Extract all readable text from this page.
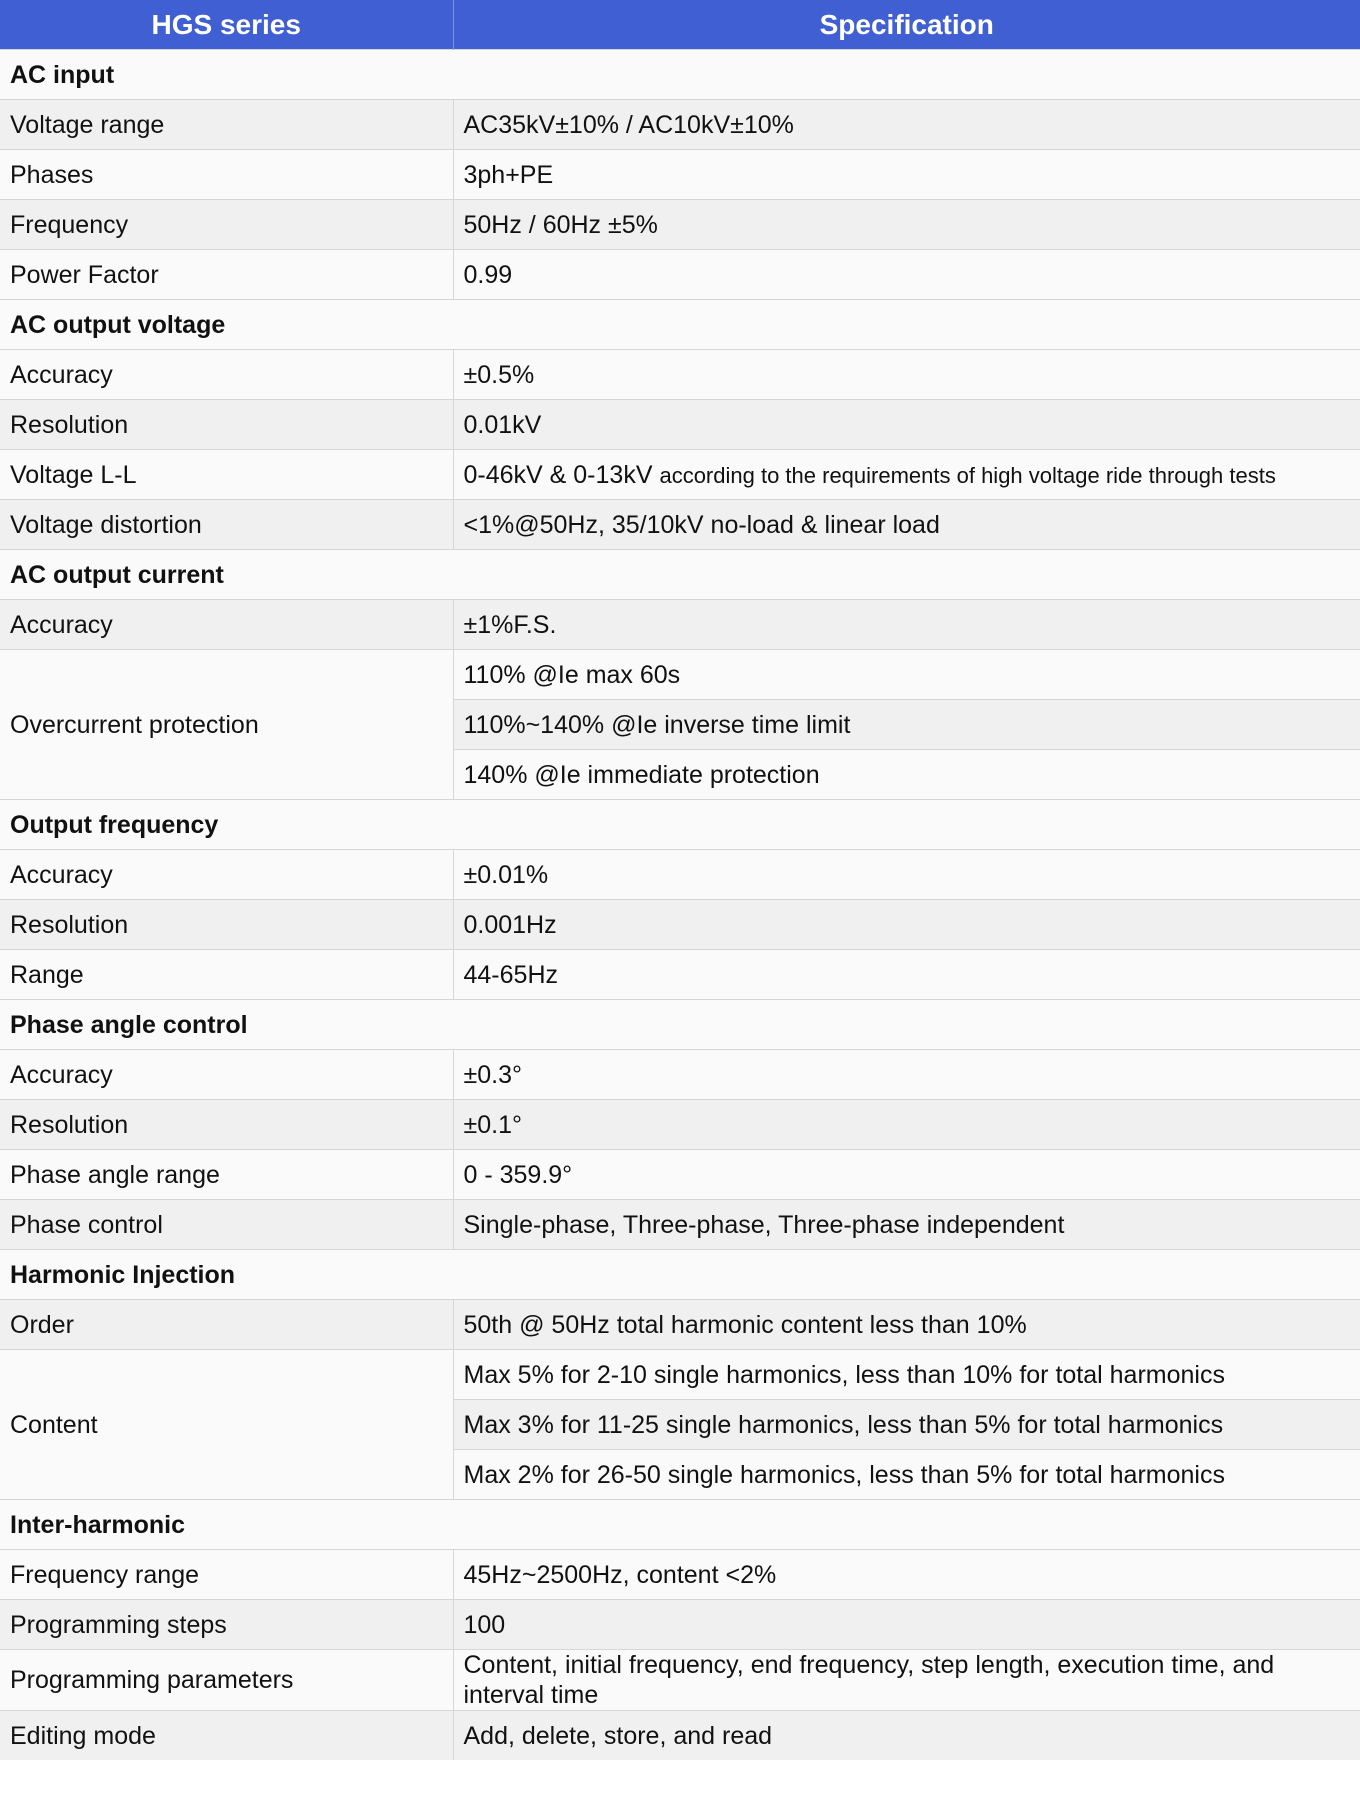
HGS series	Specification
AC input	
Voltage range	AC35kV±10% / AC10kV±10%
Phases	3ph+PE
Frequency	50Hz / 60Hz ±5%
Power Factor	0.99
AC output voltage	
Accuracy	±0.5%
Resolution	0.01kV
Voltage L-L	0-46kV & 0-13kV according to the requirements of high voltage ride through tests
Voltage distortion	<1%@50Hz, 35/10kV no-load & linear load
AC output current	
Accuracy	±1%F.S.
Overcurrent protection	110% @Ie max 60s
	110%~140% @Ie inverse time limit
	140% @Ie immediate protection
Output frequency	
Accuracy	±0.01%
Resolution	0.001Hz
Range	44-65Hz
Phase angle control	
Accuracy	±0.3°
Resolution	±0.1°
Phase angle range	0 - 359.9°
Phase control	Single-phase, Three-phase, Three-phase independent
Harmonic Injection	
Order	50th @ 50Hz total harmonic content less than 10%
Content	Max 5% for 2-10 single harmonics, less than 10% for total harmonics
	Max 3% for 11-25 single harmonics, less than 5% for total harmonics
	Max 2% for 26-50 single harmonics, less than 5% for total harmonics
Inter-harmonic	
Frequency range	45Hz~2500Hz, content <2%
Programming steps	100
Programming parameters	Content, initial frequency, end frequency, step length, execution time, and interval time
Editing mode	Add, delete, store, and read
